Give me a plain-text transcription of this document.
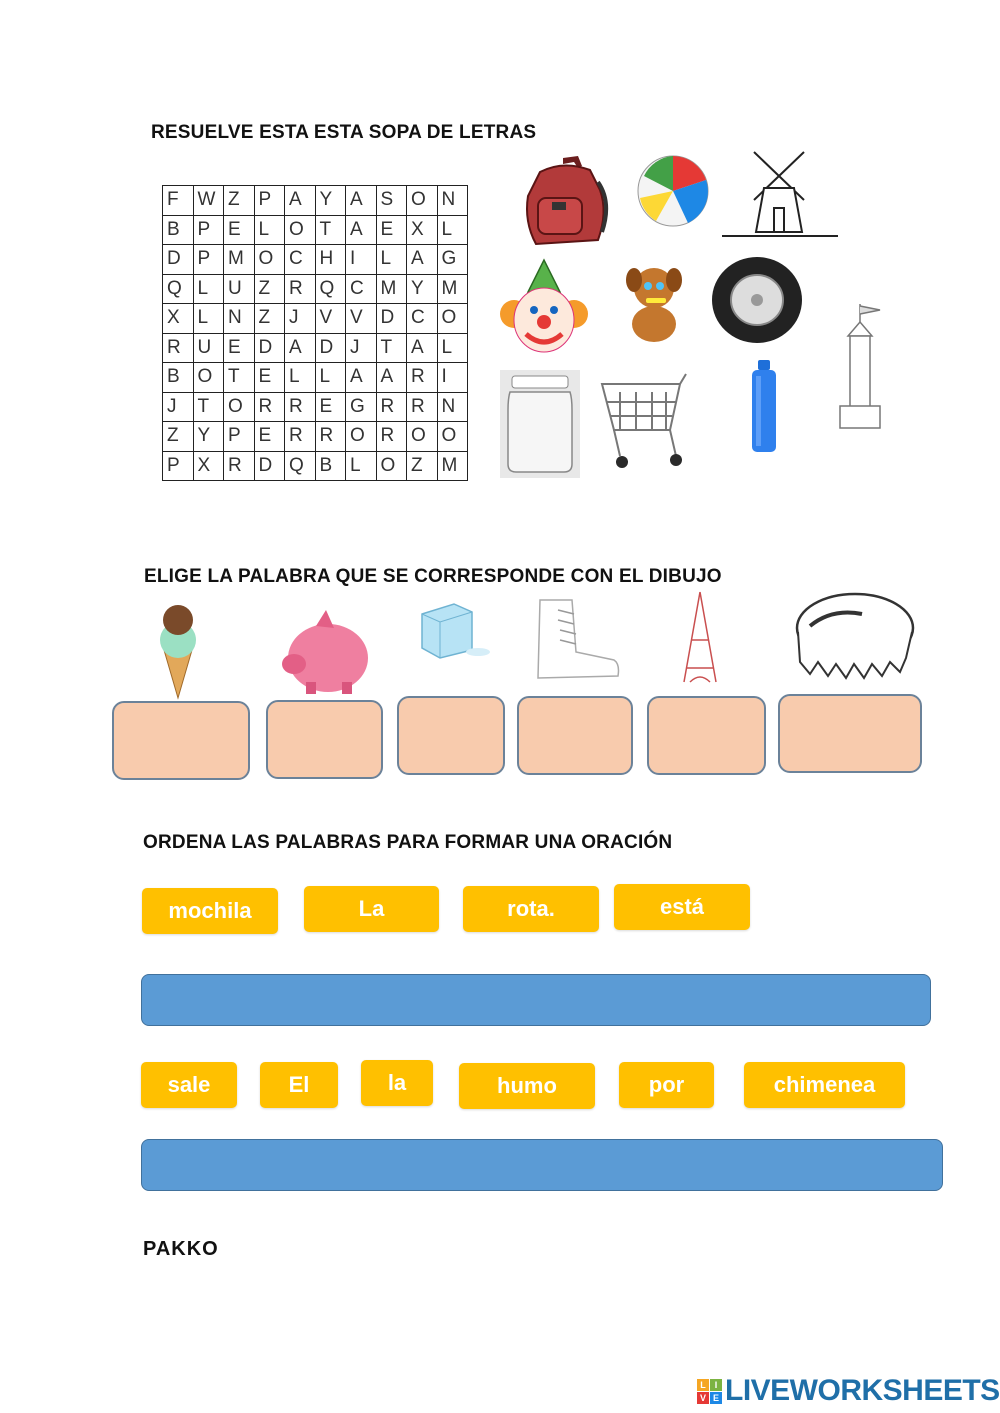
RESUELVE ESTA ESTA SOPA DE LETRAS
F	W	Z	P	A	Y	A	S	O	N
B	P	E	L	O	T	A	E	X	L
D	P	M	O	C	H	I	L	A	G
Q	L	U	Z	R	Q	C	M	Y	M
X	L	N	Z	J	V	V	D	C	O
R	U	E	D	A	D	J	T	A	L
B	O	T	E	L	L	A	A	R	I
J	T	O	R	R	E	G	R	R	N
Z	Y	P	E	R	R	O	R	O	O
P	X	R	D	Q	B	L	O	Z	M
ELIGE LA PALABRA QUE SE CORRESPONDE CON EL DIBUJO
ORDENA LAS PALABRAS PARA FORMAR UNA ORACIÓN
mochila	La	rota.	está
sale	El	la	humo	por	chimenea
PAKKO
L I
V E LIVEWORKSHEETS
